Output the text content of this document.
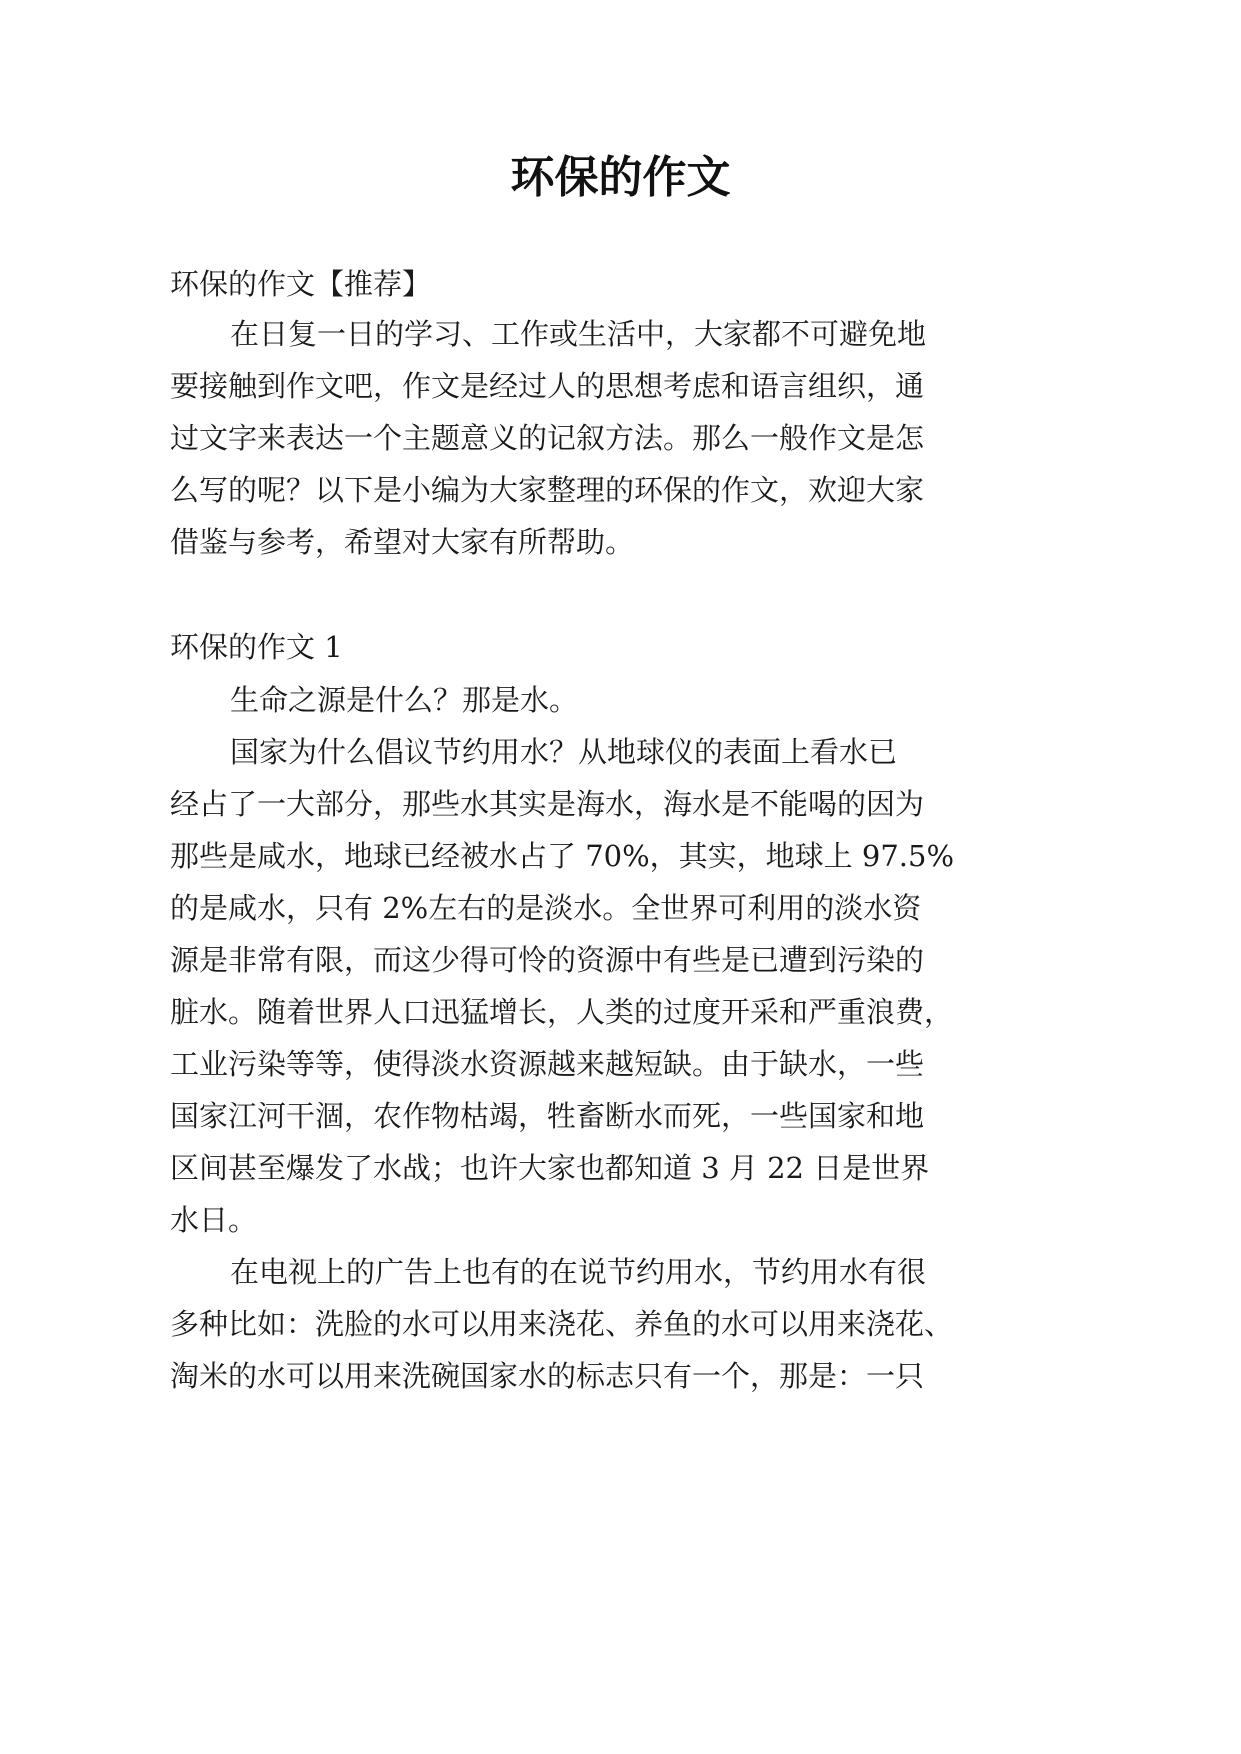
环保的作文

环保的作文【推荐】

在日复一日的学习、工作或生活中，大家都不可避免地

要接触到作文吧，作文是经过人的思想考虑和语言组织，通

过文字来表达一个主题意义的记叙方法。那么一般作文是怎

么写的呢？以下是小编为大家整理的环保的作文，欢迎大家

借鉴与参考，希望对大家有所帮助。

环保的作文 1

生命之源是什么？那是水。

国家为什么倡议节约用水？从地球仪的表面上看水已

经占了一大部分，那些水其实是海水，海水是不能喝的因为

那些是咸水，地球已经被水占了 70%，其实，地球上 97.5%

的是咸水，只有 2%左右的是淡水。全世界可利用的淡水资

源是非常有限，而这少得可怜的资源中有些是已遭到污染的

脏水。随着世界人口迅猛增长，人类的过度开采和严重浪费，

工业污染等等，使得淡水资源越来越短缺。由于缺水，一些

国家江河干涸，农作物枯竭，牲畜断水而死，一些国家和地

区间甚至爆发了水战；也许大家也都知道 3 月 22 日是世界

水日。

在电视上的广告上也有的在说节约用水，节约用水有很

多种比如：洗脸的水可以用来浇花、养鱼的水可以用来浇花、

淘米的水可以用来洗碗国家水的标志只有一个，那是：一只
